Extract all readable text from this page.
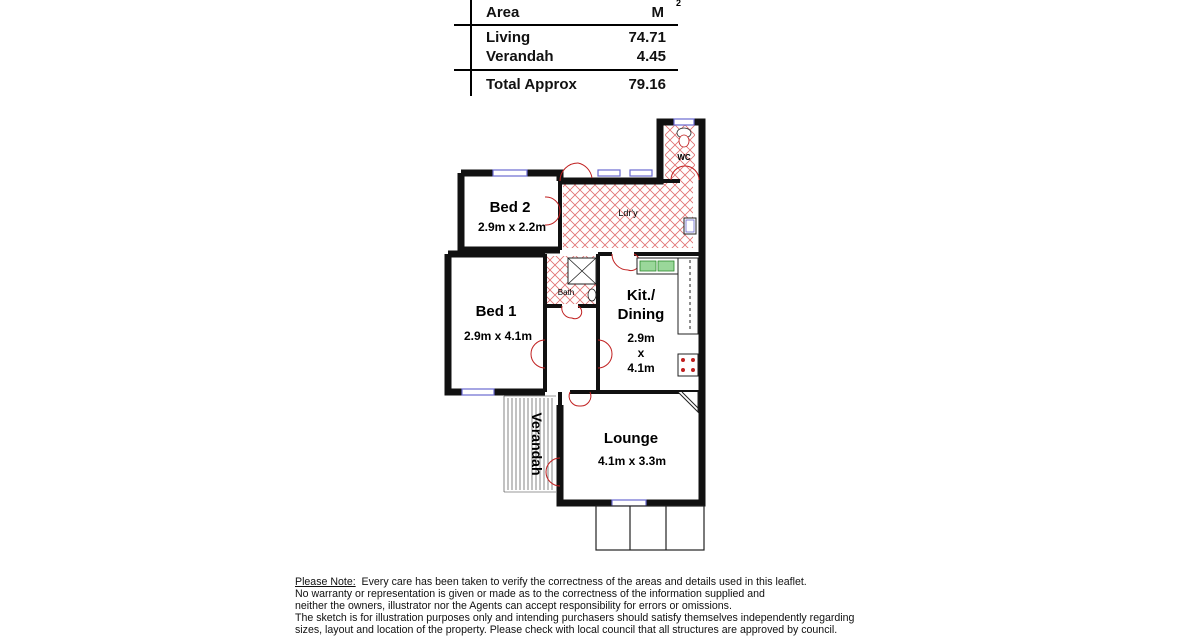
Area	M
2
Living	74.71
Verandah	4.45
Total Approx	79.16
Bed 2
2.9m x 2.2m
Ldr'y
WC
Bath
Bed 1
2.9m x 4.1m
Kit./
Dining
2.9m
x
4.1m
Lounge
4.1m x 3.3m
Verandah
Please Note:  Every care has been taken to verify the correctness of the areas and details used in this leaflet.
No warranty or representation is given or made as to the correctness of the information supplied and
neither the owners, illustrator nor the Agents can accept responsibility for errors or omissions.
The sketch is for illustration purposes only and intending purchasers should satisfy themselves independently regarding
sizes, layout and location of the property. Please check with local council that all structures are approved by council.
